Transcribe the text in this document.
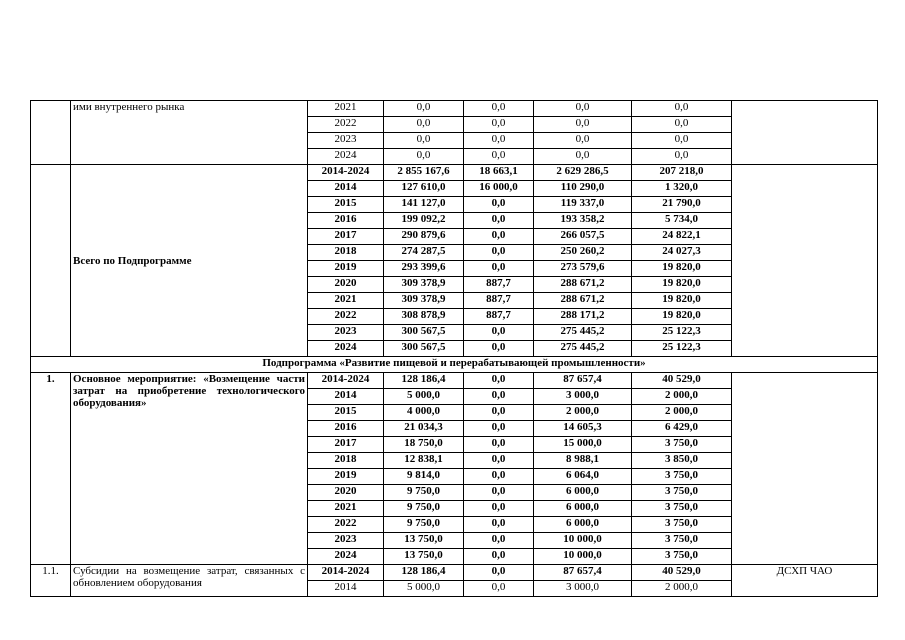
	ими внутреннего рынка	2021	0,0	0,0	0,0	0,0	
		2022	0,0	0,0	0,0	0,0	
		2023	0,0	0,0	0,0	0,0	
		2024	0,0	0,0	0,0	0,0	
	Всего по Подпрограмме	2014-2024	2 855 167,6	18 663,1	2 629 286,5	207 218,0	
		2014	127 610,0	16 000,0	110 290,0	1 320,0	
		2015	141 127,0	0,0	119 337,0	21 790,0	
		2016	199 092,2	0,0	193 358,2	5 734,0	
		2017	290 879,6	0,0	266 057,5	24 822,1	
		2018	274 287,5	0,0	250 260,2	24 027,3	
		2019	293 399,6	0,0	273 579,6	19 820,0	
		2020	309 378,9	887,7	288 671,2	19 820,0	
		2021	309 378,9	887,7	288 671,2	19 820,0	
		2022	308 878,9	887,7	288 171,2	19 820,0	
		2023	300 567,5	0,0	275 445,2	25 122,3	
		2024	300 567,5	0,0	275 445,2	25 122,3	
Подпрограмма «Развитие пищевой и перерабатывающей промышленности»							
1.	Основное мероприятие: «Возмещение части затрат на приобретение технологического оборудования»	2014-2024	128 186,4	0,0	87 657,4	40 529,0	
		2014	5 000,0	0,0	3 000,0	2 000,0	
		2015	4 000,0	0,0	2 000,0	2 000,0	
		2016	21 034,3	0,0	14 605,3	6 429,0	
		2017	18 750,0	0,0	15 000,0	3 750,0	
		2018	12 838,1	0,0	8 988,1	3 850,0	
		2019	9 814,0	0,0	6 064,0	3 750,0	
		2020	9 750,0	0,0	6 000,0	3 750,0	
		2021	9 750,0	0,0	6 000,0	3 750,0	
		2022	9 750,0	0,0	6 000,0	3 750,0	
		2023	13 750,0	0,0	10 000,0	3 750,0	
		2024	13 750,0	0,0	10 000,0	3 750,0	
1.1.	Субсидии на возмещение затрат, связанных с обновлением оборудования	2014-2024	128 186,4	0,0	87 657,4	40 529,0	ДСХП ЧАО
		2014	5 000,0	0,0	3 000,0	2 000,0	
